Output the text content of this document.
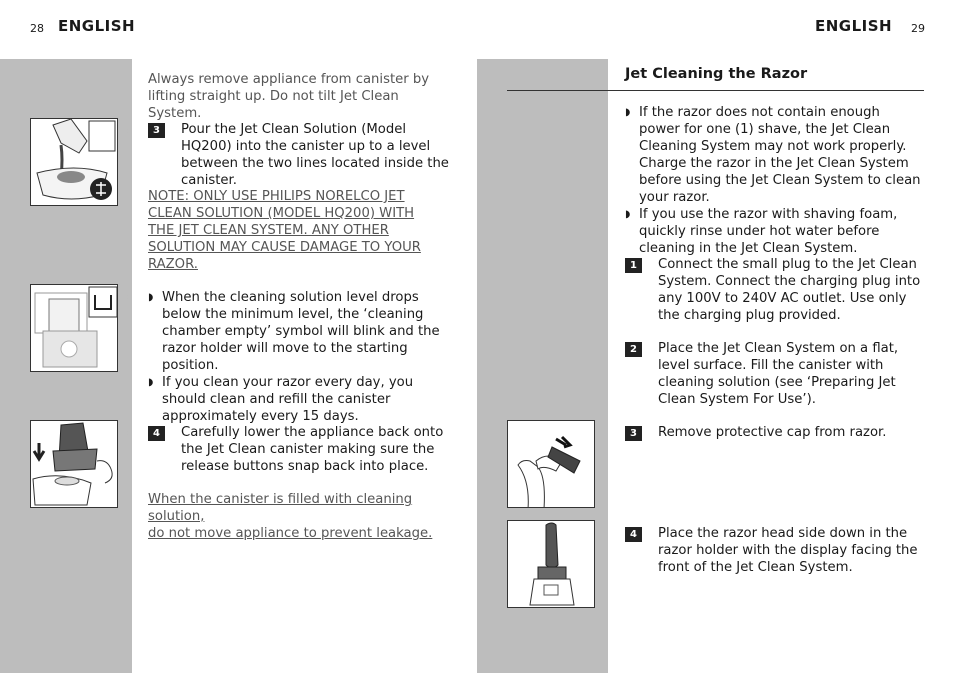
28 ENGLISH
Always remove appliance from canister by lifting straight up. Do not tilt Jet Clean System.
3	Pour the Jet Clean Solution (Model HQ200) into the canister up to a level between the two lines located inside the canister.
NOTE: ONLY USE PHILIPS NORELCO JET
CLEAN SOLUTION (MODEL HQ200) WITH
THE JET CLEAN SYSTEM. ANY OTHER
SOLUTION MAY CAUSE DAMAGE TO YOUR
RAZOR.
◗ When the cleaning solution level drops below the minimum level, the ‘cleaning chamber empty’ symbol will blink and the razor holder will move to the starting position.
◗ If you clean your razor every day, you should clean and refill the canister approximately every 15 days.
4	Carefully lower the appliance back onto the Jet Clean canister making sure the release buttons snap back into place.
When the canister is filled with cleaning solution,
do not move appliance to prevent leakage.
ENGLISH 29
Jet Cleaning the Razor
◗ If the razor does not contain enough power for one (1) shave, the Jet Clean Cleaning System may not work properly. Charge the razor in the Jet Clean System before using the Jet Clean System to clean your razor.
◗ If you use the razor with shaving foam, quickly rinse under hot water before cleaning in the Jet Clean System.
1	Connect the small plug to the Jet Clean System. Connect the charging plug into any 100V to 240V AC outlet. Use only the charging plug provided.
2	Place the Jet Clean System on a flat, level surface. Fill the canister with cleaning solution (see ‘Preparing Jet Clean System For Use’).
3	Remove protective cap from razor.
4	Place the razor head side down in the razor holder with the display facing the front of the Jet Clean System.
